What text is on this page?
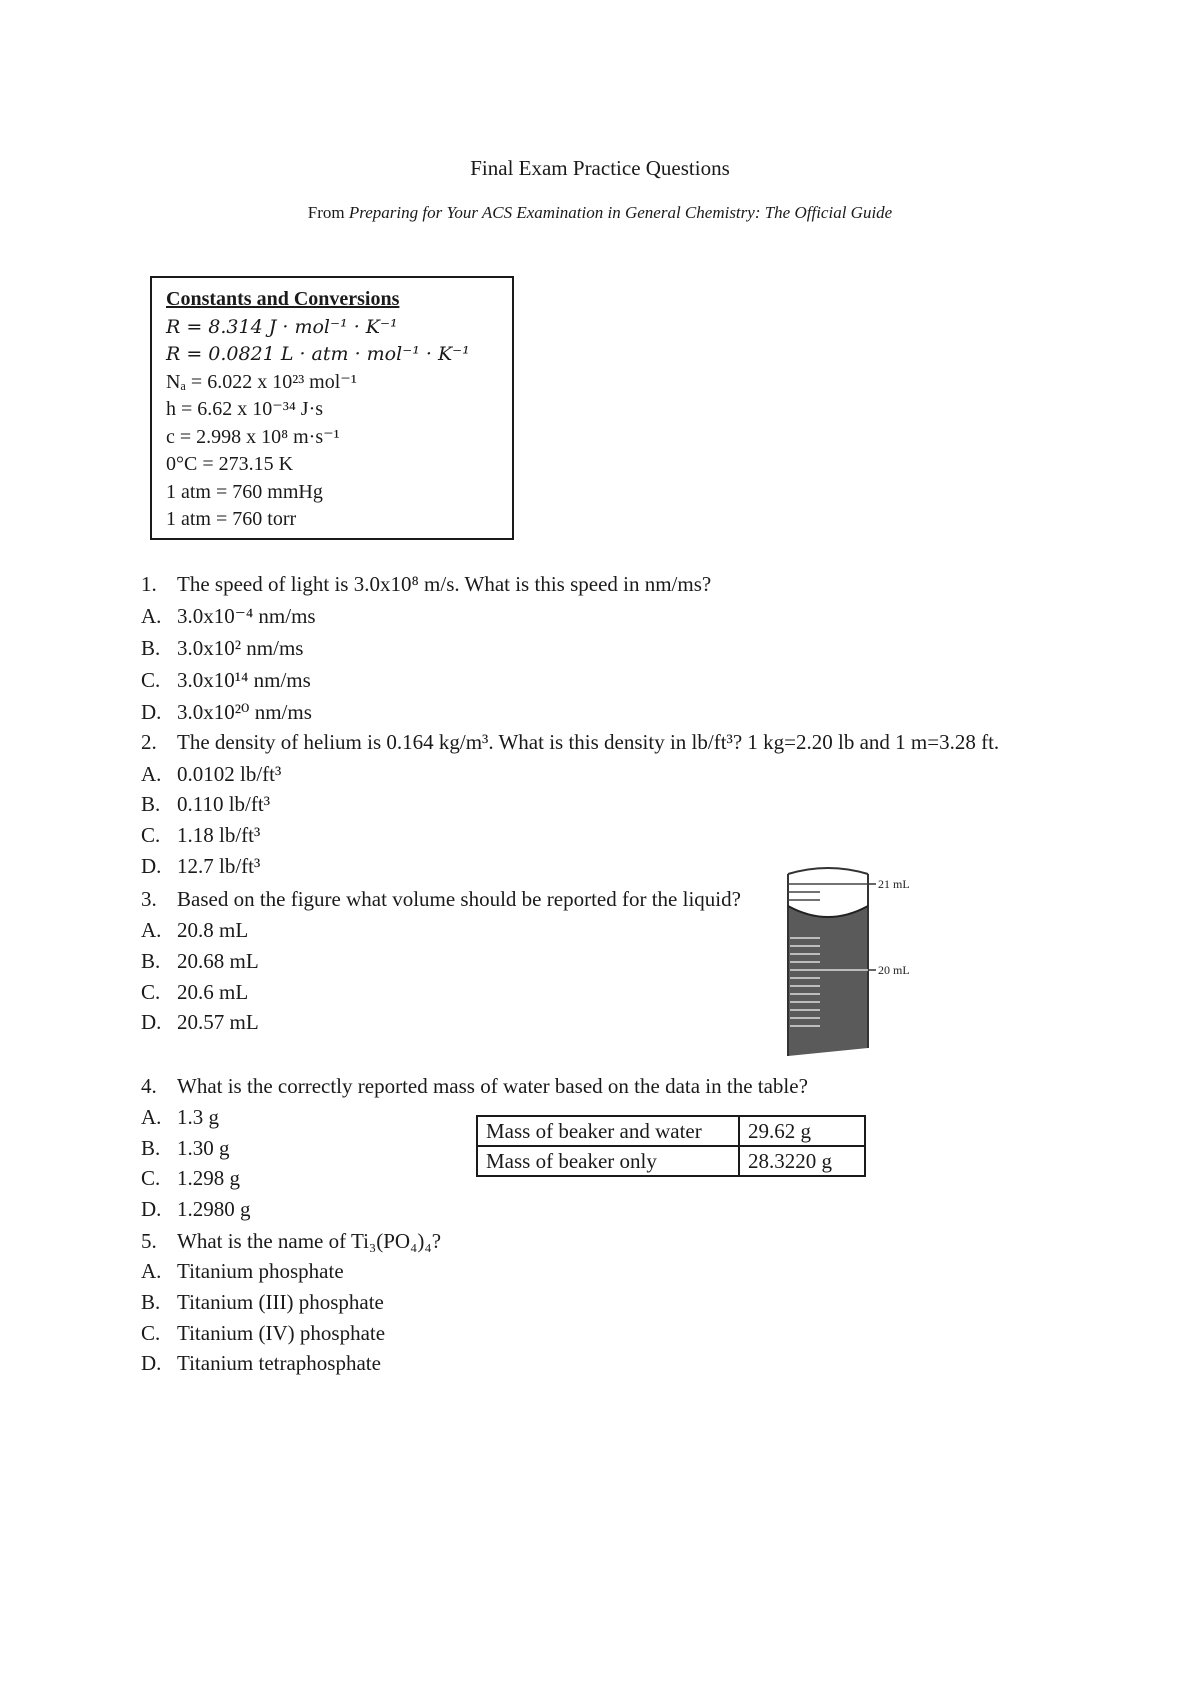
Final Exam Practice Questions
From Preparing for Your ACS Examination in General Chemistry: The Official Guide
Constants and Conversions
R = 8.314 J · mol⁻¹ · K⁻¹
R = 0.0821 L · atm · mol⁻¹ · K⁻¹
Nₐ = 6.022 x 10²³ mol⁻¹
h = 6.62 x 10⁻³⁴ J·s
c = 2.998 x 10⁸ m·s⁻¹
0°C = 273.15 K
1 atm = 760 mmHg
1 atm = 760 torr
1. The speed of light is 3.0x10⁸ m/s. What is this speed in nm/ms?
A. 3.0x10⁻⁴ nm/ms
B. 3.0x10² nm/ms
C. 3.0x10¹⁴ nm/ms
D. 3.0x10²⁰ nm/ms
2. The density of helium is 0.164 kg/m³. What is this density in lb/ft³? 1 kg=2.20 lb and 1 m=3.28 ft.
A. 0.0102 lb/ft³
B. 0.110 lb/ft³
C. 1.18 lb/ft³
D. 12.7 lb/ft³
3. Based on the figure what volume should be reported for the liquid?
A. 20.8 mL
B. 20.68 mL
C. 20.6 mL
D. 20.57 mL
21 mL
20 mL
4. What is the correctly reported mass of water based on the data in the table?
A. 1.3 g
B. 1.30 g
C. 1.298 g
D. 1.2980 g
Mass of beaker and water	29.62 g
Mass of beaker only	28.3220 g
5. What is the name of Ti₃(PO₄)₄?
A. Titanium phosphate
B. Titanium (III) phosphate
C. Titanium (IV) phosphate
D. Titanium tetraphosphate
